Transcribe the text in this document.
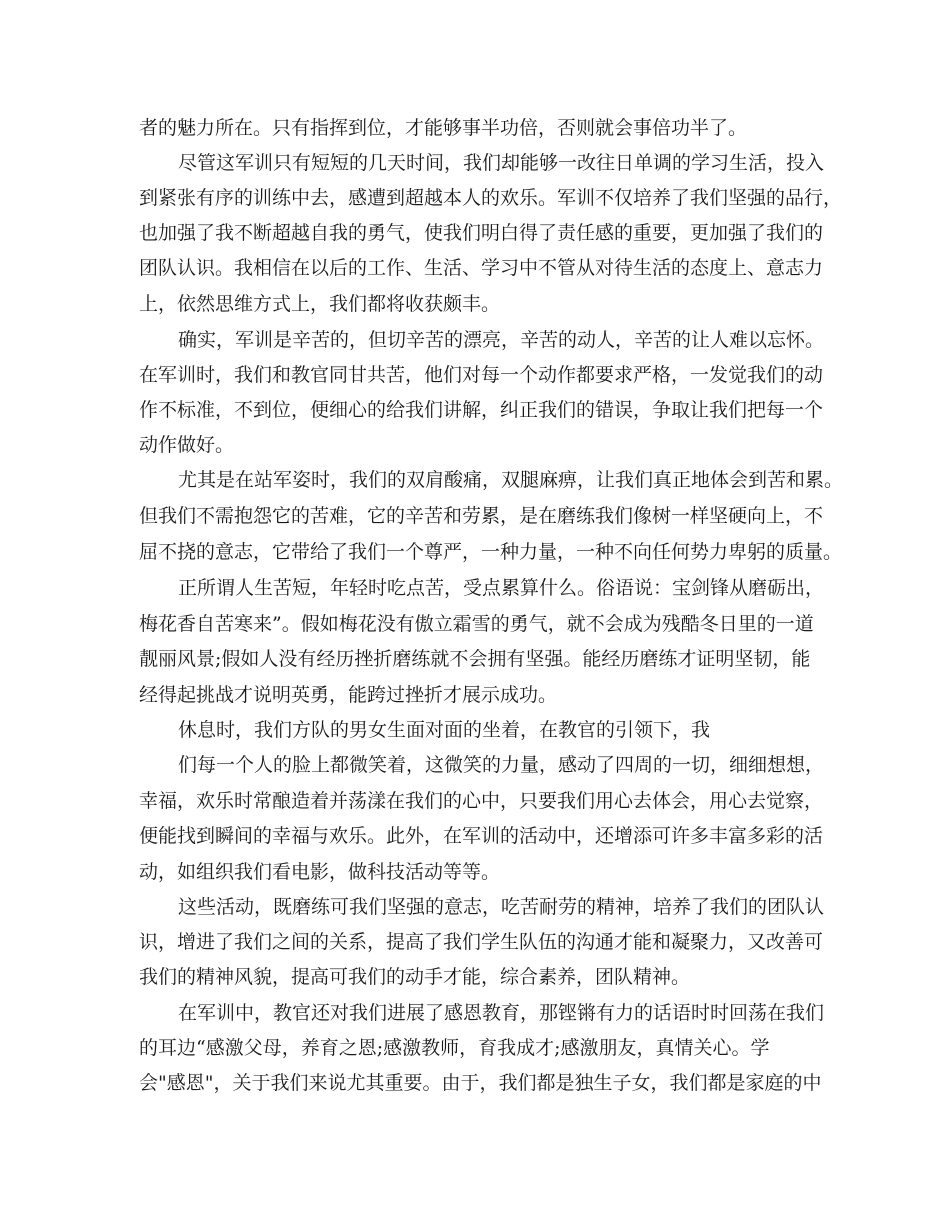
者的魅力所在。只有指挥到位，才能够事半功倍，否则就会事倍功半了。
尽管这军训只有短短的几天时间，我们却能够一改往日单调的学习生活，投入
到紧张有序的训练中去，感遭到超越本人的欢乐。军训不仅培养了我们坚强的品行，
也加强了我不断超越自我的勇气，使我们明白得了责任感的重要，更加强了我们的
团队认识。我相信在以后的工作、生活、学习中不管从对待生活的态度上、意志力
上，依然思维方式上，我们都将收获颇丰。
确实，军训是辛苦的，但切辛苦的漂亮，辛苦的动人，辛苦的让人难以忘怀。
在军训时，我们和教官同甘共苦，他们对每一个动作都要求严格，一发觉我们的动
作不标准，不到位，便细心的给我们讲解，纠正我们的错误，争取让我们把每一个
动作做好。
尤其是在站军姿时，我们的双肩酸痛，双腿麻痹，让我们真正地体会到苦和累。
但我们不需抱怨它的苦难，它的辛苦和劳累，是在磨练我们像树一样坚硬向上，不
屈不挠的意志，它带给了我们一个尊严，一种力量，一种不向任何势力卑躬的质量。
正所谓人生苦短，年轻时吃点苦，受点累算什么。俗语说：宝剑锋从磨砺出，
梅花香自苦寒来”。假如梅花没有傲立霜雪的勇气，就不会成为残酷冬日里的一道
靓丽风景;假如人没有经历挫折磨练就不会拥有坚强。能经历磨练才证明坚韧，能
经得起挑战才说明英勇，能跨过挫折才展示成功。
休息时，我们方队的男女生面对面的坐着，在教官的引领下，我
们每一个人的脸上都微笑着，这微笑的力量，感动了四周的一切，细细想想，
幸福，欢乐时常酿造着并荡漾在我们的心中，只要我们用心去体会，用心去觉察，
便能找到瞬间的幸福与欢乐。此外，在军训的活动中，还增添可许多丰富多彩的活
动，如组织我们看电影，做科技活动等等。
这些活动，既磨练可我们坚强的意志，吃苦耐劳的精神，培养了我们的团队认
识，增进了我们之间的关系，提高了我们学生队伍的沟通才能和凝聚力，又改善可
我们的精神风貌，提高可我们的动手才能，综合素养，团队精神。
在军训中，教官还对我们进展了感恩教育，那铿锵有力的话语时时回荡在我们
的耳边“感激父母，养育之恩;感激教师，育我成才;感激朋友，真情关心。学
会"感恩"，关于我们来说尤其重要。由于，我们都是独生子女，我们都是家庭的中
